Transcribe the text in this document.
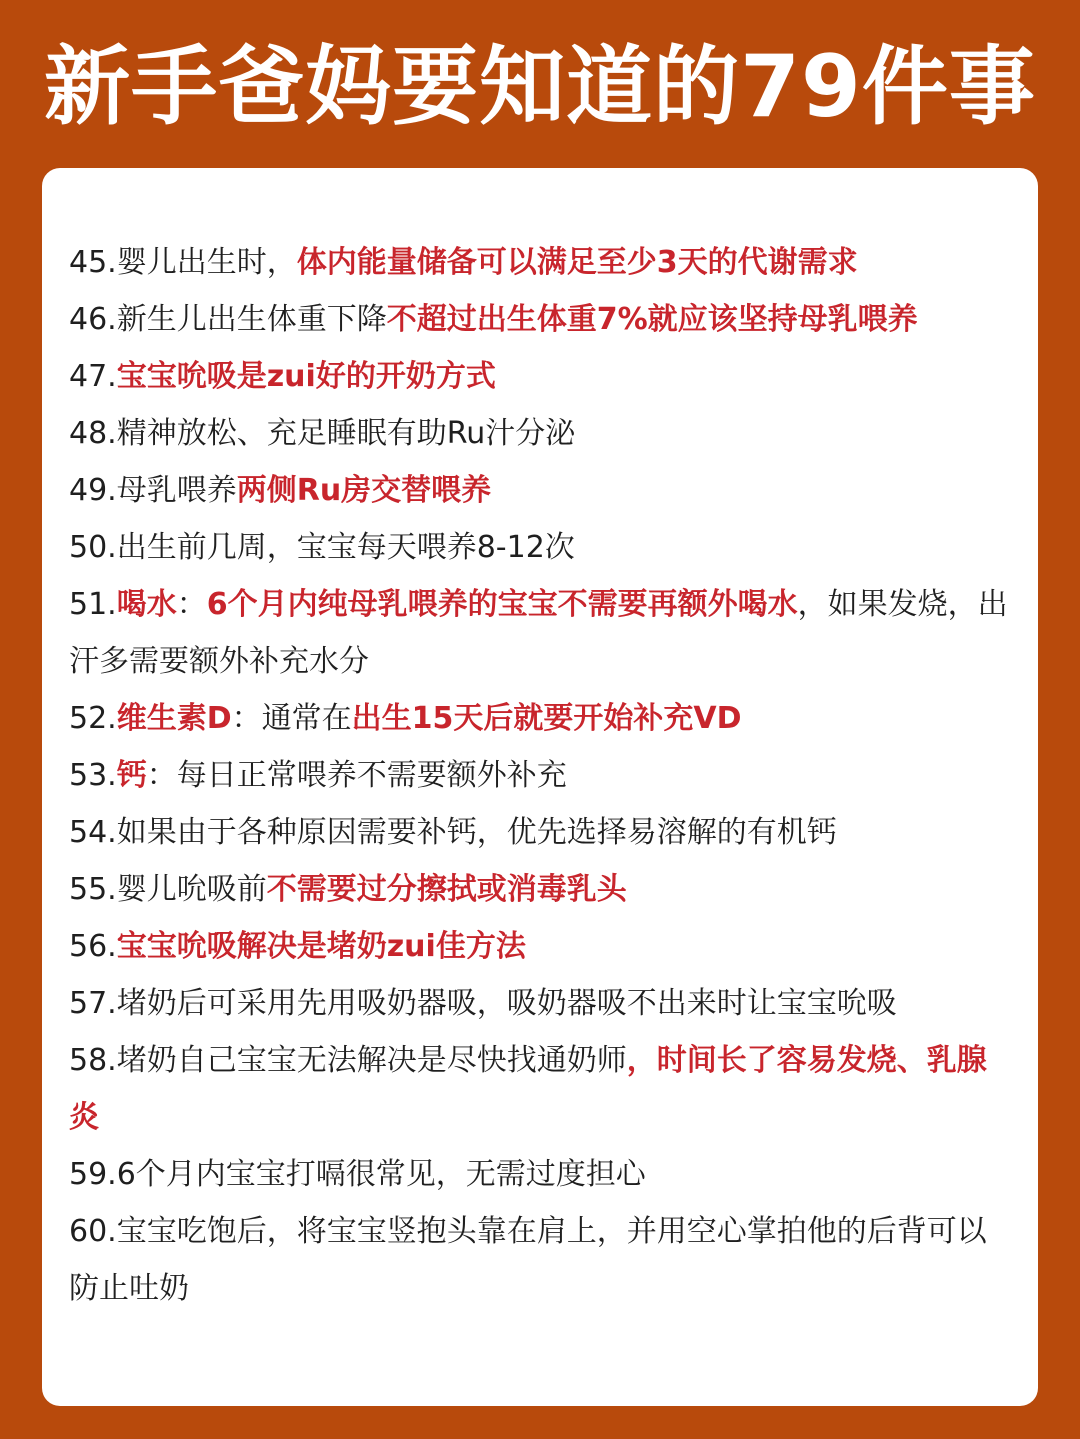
新手爸妈要知道的79件事
45.婴儿出生时，体内能量储备可以满足至少3天的代谢需求
46.新生儿出生体重下降不超过出生体重7%就应该坚持母乳喂养
47.宝宝吮吸是zui好的开奶方式
48.精神放松、充足睡眠有助Ru汁分泌
49.母乳喂养两侧Ru房交替喂养
50.出生前几周，宝宝每天喂养8-12次
51.喝水：6个月内纯母乳喂养的宝宝不需要再额外喝水，如果发烧，出汗多需要额外补充水分
52.维生素D：通常在出生15天后就要开始补充VD
53.钙：每日正常喂养不需要额外补充
54.如果由于各种原因需要补钙，优先选择易溶解的有机钙
55.婴儿吮吸前不需要过分擦拭或消毒乳头
56.宝宝吮吸解决是堵奶zui佳方法
57.堵奶后可采用先用吸奶器吸，吸奶器吸不出来时让宝宝吮吸
58.堵奶自己宝宝无法解决是尽快找通奶师，时间长了容易发烧、乳腺炎
59.6个月内宝宝打嗝很常见，无需过度担心
60.宝宝吃饱后，将宝宝竖抱头靠在肩上，并用空心掌拍他的后背可以防止吐奶
